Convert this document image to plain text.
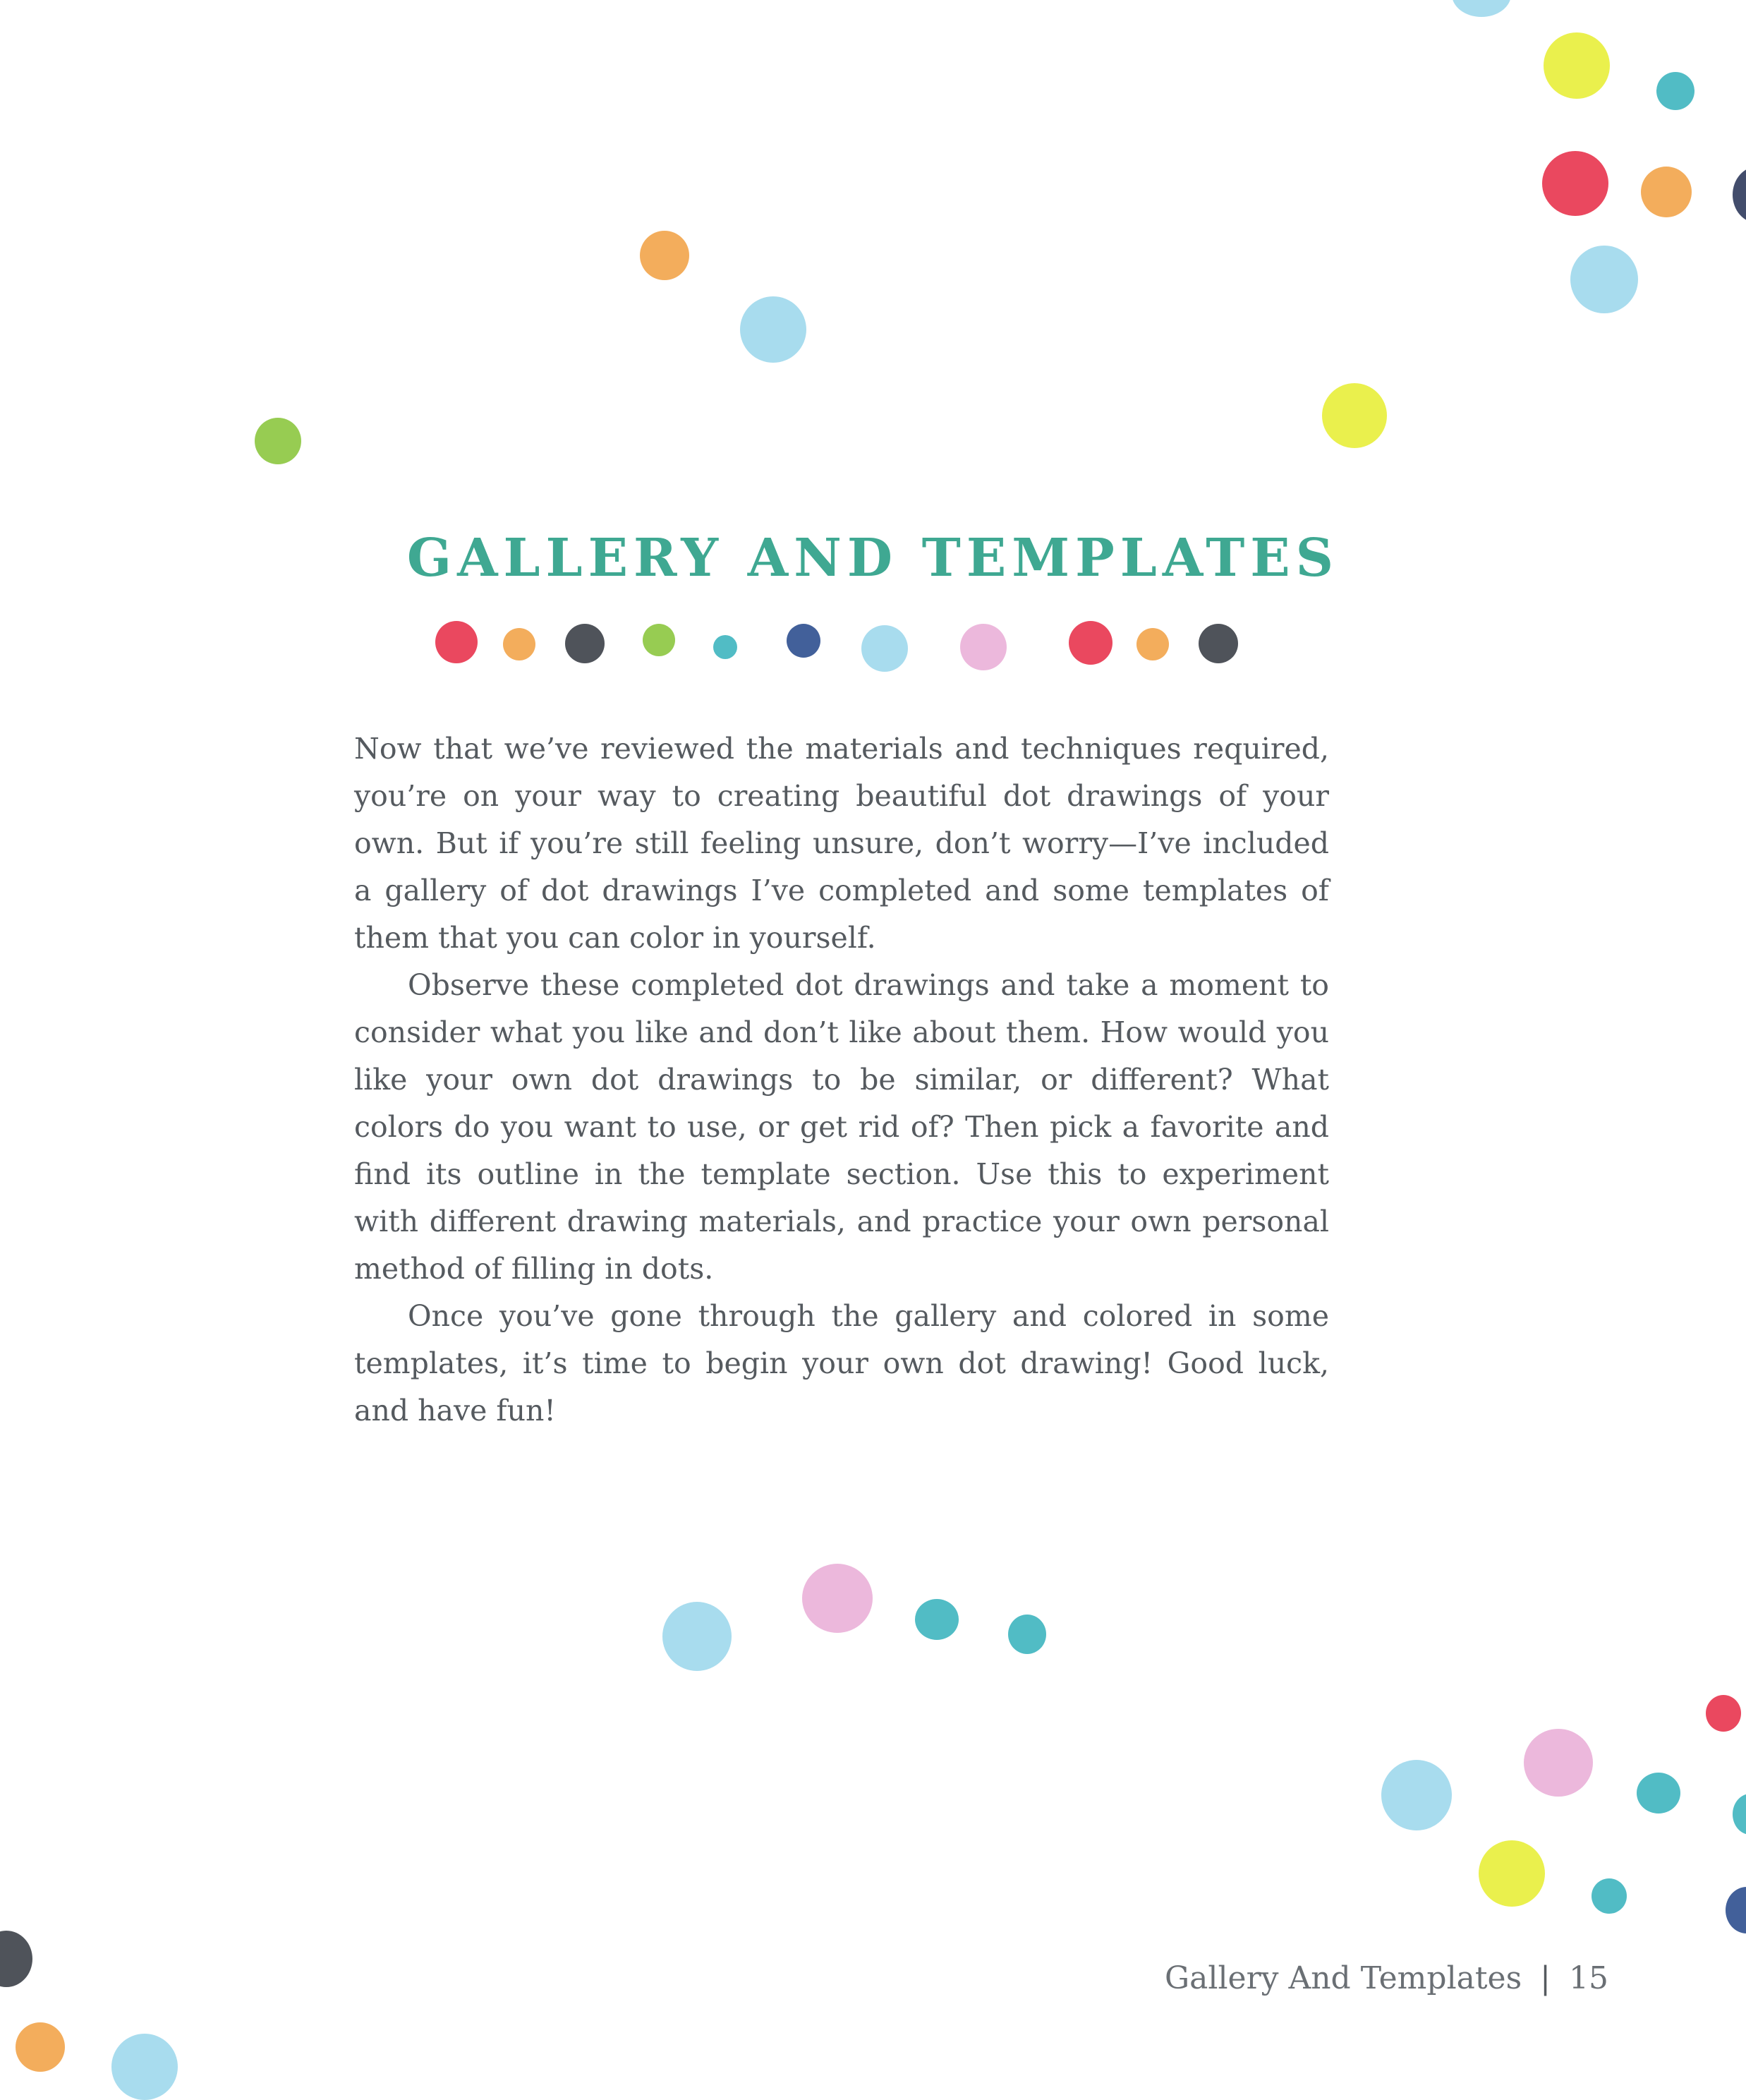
GALLERY AND TEMPLATES

Now that we’ve reviewed the materials and techniques required, you’re on your way to creating beautiful dot drawings of your own. But if you’re still feeling unsure, don’t worry—I’ve included a gallery of dot drawings I’ve completed and some templates of them that you can color in yourself.

Observe these completed dot drawings and take a moment to consider what you like and don’t like about them. How would you like your own dot drawings to be similar, or different? What colors do you want to use, or get rid of? Then pick a favorite and find its outline in the template section. Use this to experiment with different drawing materials, and practice your own personal method of filling in dots.

Once you’ve gone through the gallery and colored in some templates, it’s time to begin your own dot drawing! Good luck, and have fun!

Gallery And Templates | 15
